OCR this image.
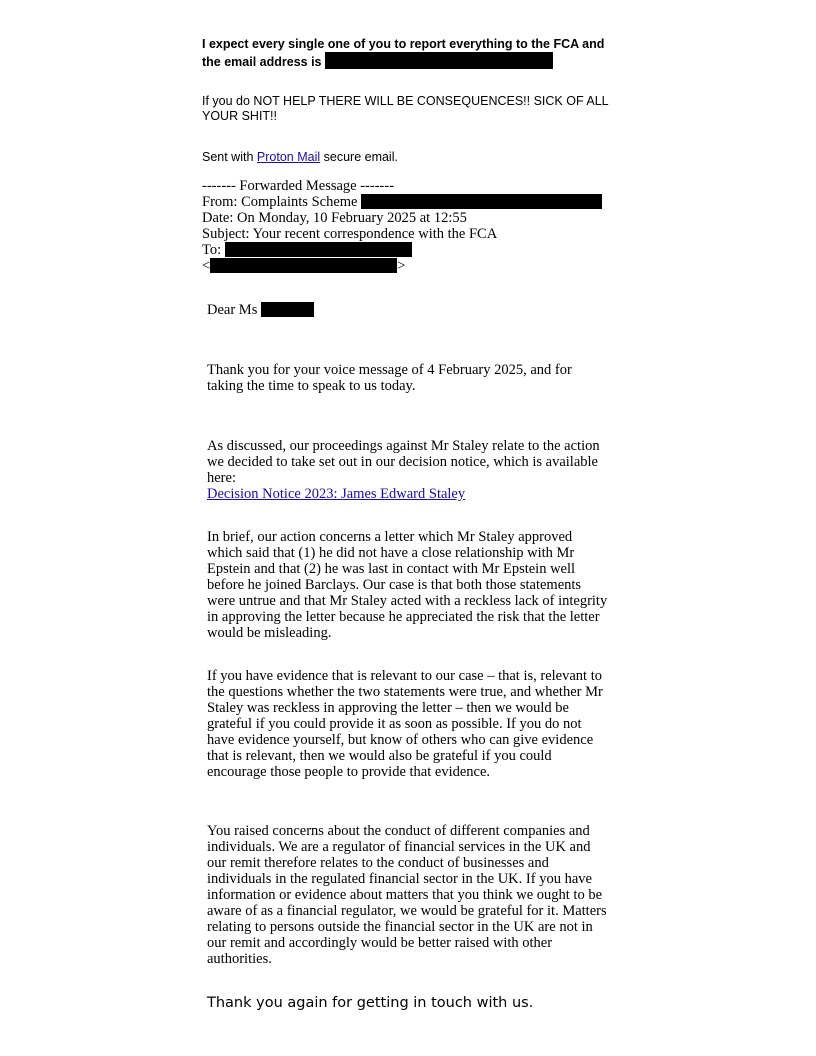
I expect every single one of you to report everything to the FCA and the email address is
If you do NOT HELP THERE WILL BE CONSEQUENCES!! SICK OF ALL YOUR SHIT!!
Sent with Proton Mail secure email.
------- Forwarded Message -------
From: Complaints Scheme
Date: On Monday, 10 February 2025 at 12:55
Subject: Your recent correspondence with the FCA
To:
<	>
Dear Ms

Thank you for your voice message of 4 February 2025, and for taking the time to speak to us today.

As discussed, our proceedings against Mr Staley relate to the action we decided to take set out in our decision notice, which is available here:
Decision Notice 2023: James Edward Staley

In brief, our action concerns a letter which Mr Staley approved which said that (1) he did not have a close relationship with Mr Epstein and that (2) he was last in contact with Mr Epstein well before he joined Barclays. Our case is that both those statements were untrue and that Mr Staley acted with a reckless lack of integrity in approving the letter because he appreciated the risk that the letter would be misleading.

If you have evidence that is relevant to our case – that is, relevant to the questions whether the two statements were true, and whether Mr Staley was reckless in approving the letter – then we would be grateful if you could provide it as soon as possible. If you do not have evidence yourself, but know of others who can give evidence that is relevant, then we would also be grateful if you could encourage those people to provide that evidence.

You raised concerns about the conduct of different companies and individuals. We are a regulator of financial services in the UK and our remit therefore relates to the conduct of businesses and individuals in the regulated financial sector in the UK. If you have information or evidence about matters that you think we ought to be aware of as a financial regulator, we would be grateful for it. Matters relating to persons outside the financial sector in the UK are not in our remit and accordingly would be better raised with other authorities.

Thank you again for getting in touch with us.
